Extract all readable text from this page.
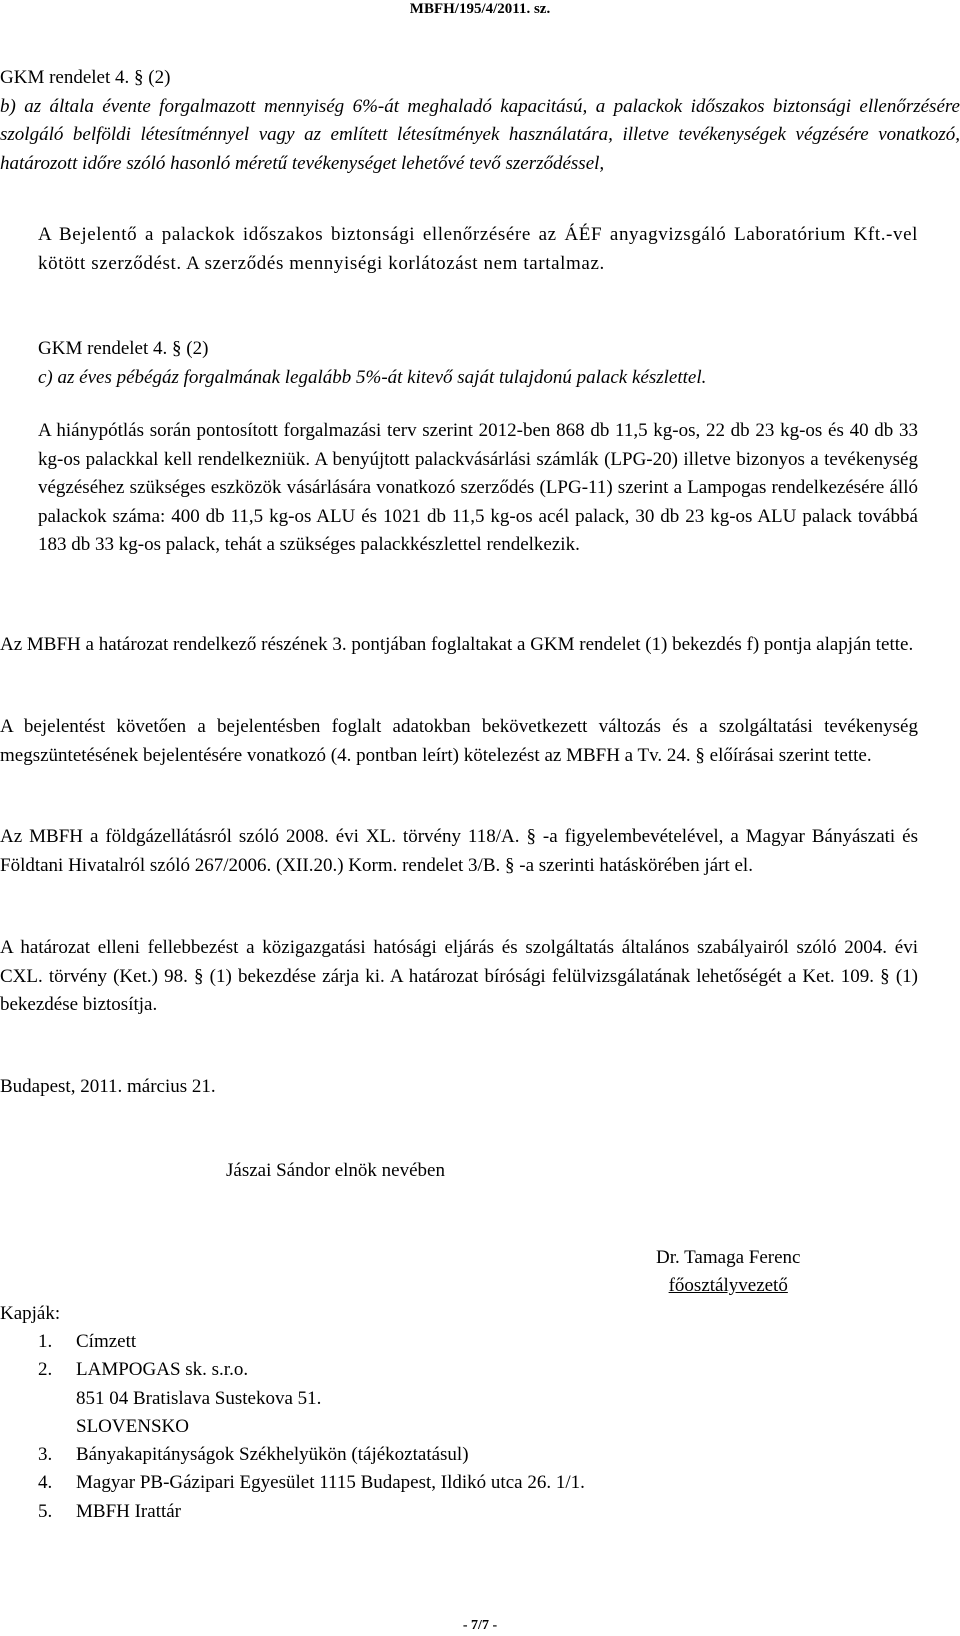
MBFH/195/4/2011. sz.
GKM rendelet 4. § (2)
b) az általa évente forgalmazott mennyiség 6%-át meghaladó kapacitású, a palackok időszakos biztonsági ellenőrzésére szolgáló belföldi létesítménnyel vagy az említett létesítmények használatára, illetve tevékenységek végzésére vonatkozó, határozott időre szóló hasonló méretű tevékenységet lehetővé tevő szerződéssel,
A Bejelentő a palackok időszakos biztonsági ellenőrzésére az ÁÉF anyagvizsgáló Laboratórium Kft.-vel kötött szerződést. A szerződés mennyiségi korlátozást nem tartalmaz.
GKM rendelet 4. § (2)
c) az éves pébégáz forgalmának legalább 5%-át kitevő saját tulajdonú palack készlettel.
A hiánypótlás során pontosított forgalmazási terv szerint 2012-ben 868 db 11,5 kg-os, 22 db 23 kg-os és 40 db 33 kg-os palackkal kell rendelkezniük. A benyújtott palackvásárlási számlák (LPG-20) illetve bizonyos a tevékenység végzéséhez szükséges eszközök vásárlására vonatkozó szerződés (LPG-11) szerint a Lampogas rendelkezésére álló palackok száma: 400 db 11,5 kg-os ALU és 1021 db 11,5 kg-os acél palack, 30 db 23 kg-os ALU palack továbbá 183 db 33 kg-os palack, tehát a szükséges palackkészlettel rendelkezik.
Az MBFH a határozat rendelkező részének 3. pontjában foglaltakat a GKM rendelet (1) bekezdés f) pontja alapján tette.
A bejelentést követően a bejelentésben foglalt adatokban bekövetkezett változás és a szolgáltatási tevékenység megszüntetésének bejelentésére vonatkozó (4. pontban leírt) kötelezést az MBFH a Tv. 24. § előírásai szerint tette.
Az MBFH a földgázellátásról szóló 2008. évi XL. törvény 118/A. § -a figyelembevételével, a Magyar Bányászati és Földtani Hivatalról szóló 267/2006. (XII.20.) Korm. rendelet 3/B. § -a szerinti hatáskörében járt el.
A határozat elleni fellebbezést a közigazgatási hatósági eljárás és szolgáltatás általános szabályairól szóló 2004. évi CXL. törvény (Ket.) 98. § (1) bekezdése zárja ki. A határozat bírósági felülvizsgálatának lehetőségét a Ket. 109. § (1) bekezdése biztosítja.
Budapest, 2011. március 21.
Jászai Sándor elnök nevében
Dr. Tamaga Ferenc
főosztályvezető
Kapják:
1.	Címzett
2.	LAMPOGAS sk. s.r.o.
851 04 Bratislava Sustekova 51.
SLOVENSKO
3.	Bányakapitányságok Székhelyükön (tájékoztatásul)
4.	Magyar PB-Gázipari Egyesület 1115 Budapest, Ildikó utca 26. 1/1.
5.	MBFH Irattár
- 7/7 -
